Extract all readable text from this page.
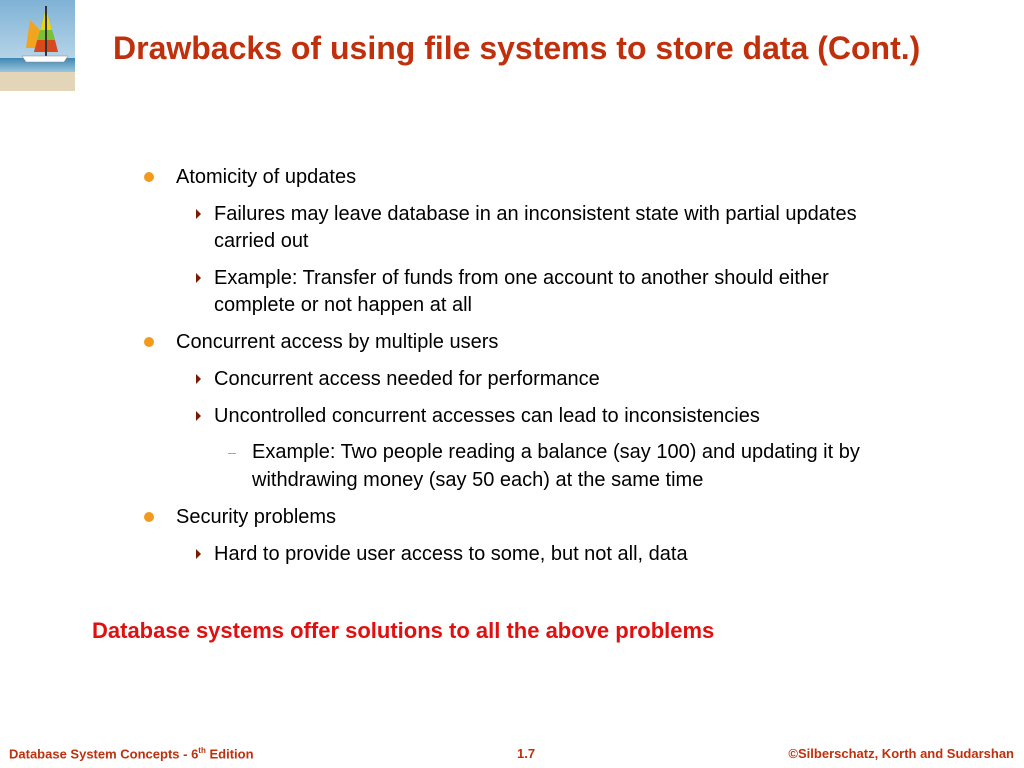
Drawbacks of using file systems to store data (Cont.)
Atomicity of updates
Failures may leave database in an inconsistent state with partial updates
carried out
Example: Transfer of funds from one account to another should either
complete or not happen at all
Concurrent access by multiple users
Concurrent access needed for performance
Uncontrolled concurrent accesses can lead to inconsistencies
Example: Two people reading a balance (say 100) and updating it by
withdrawing money (say 50 each) at the same time
Security problems
Hard to provide user access to some, but not all, data
Database systems offer solutions to all the above problems
Database System Concepts - 6th Edition	1.7	©Silberschatz, Korth and Sudarshan
